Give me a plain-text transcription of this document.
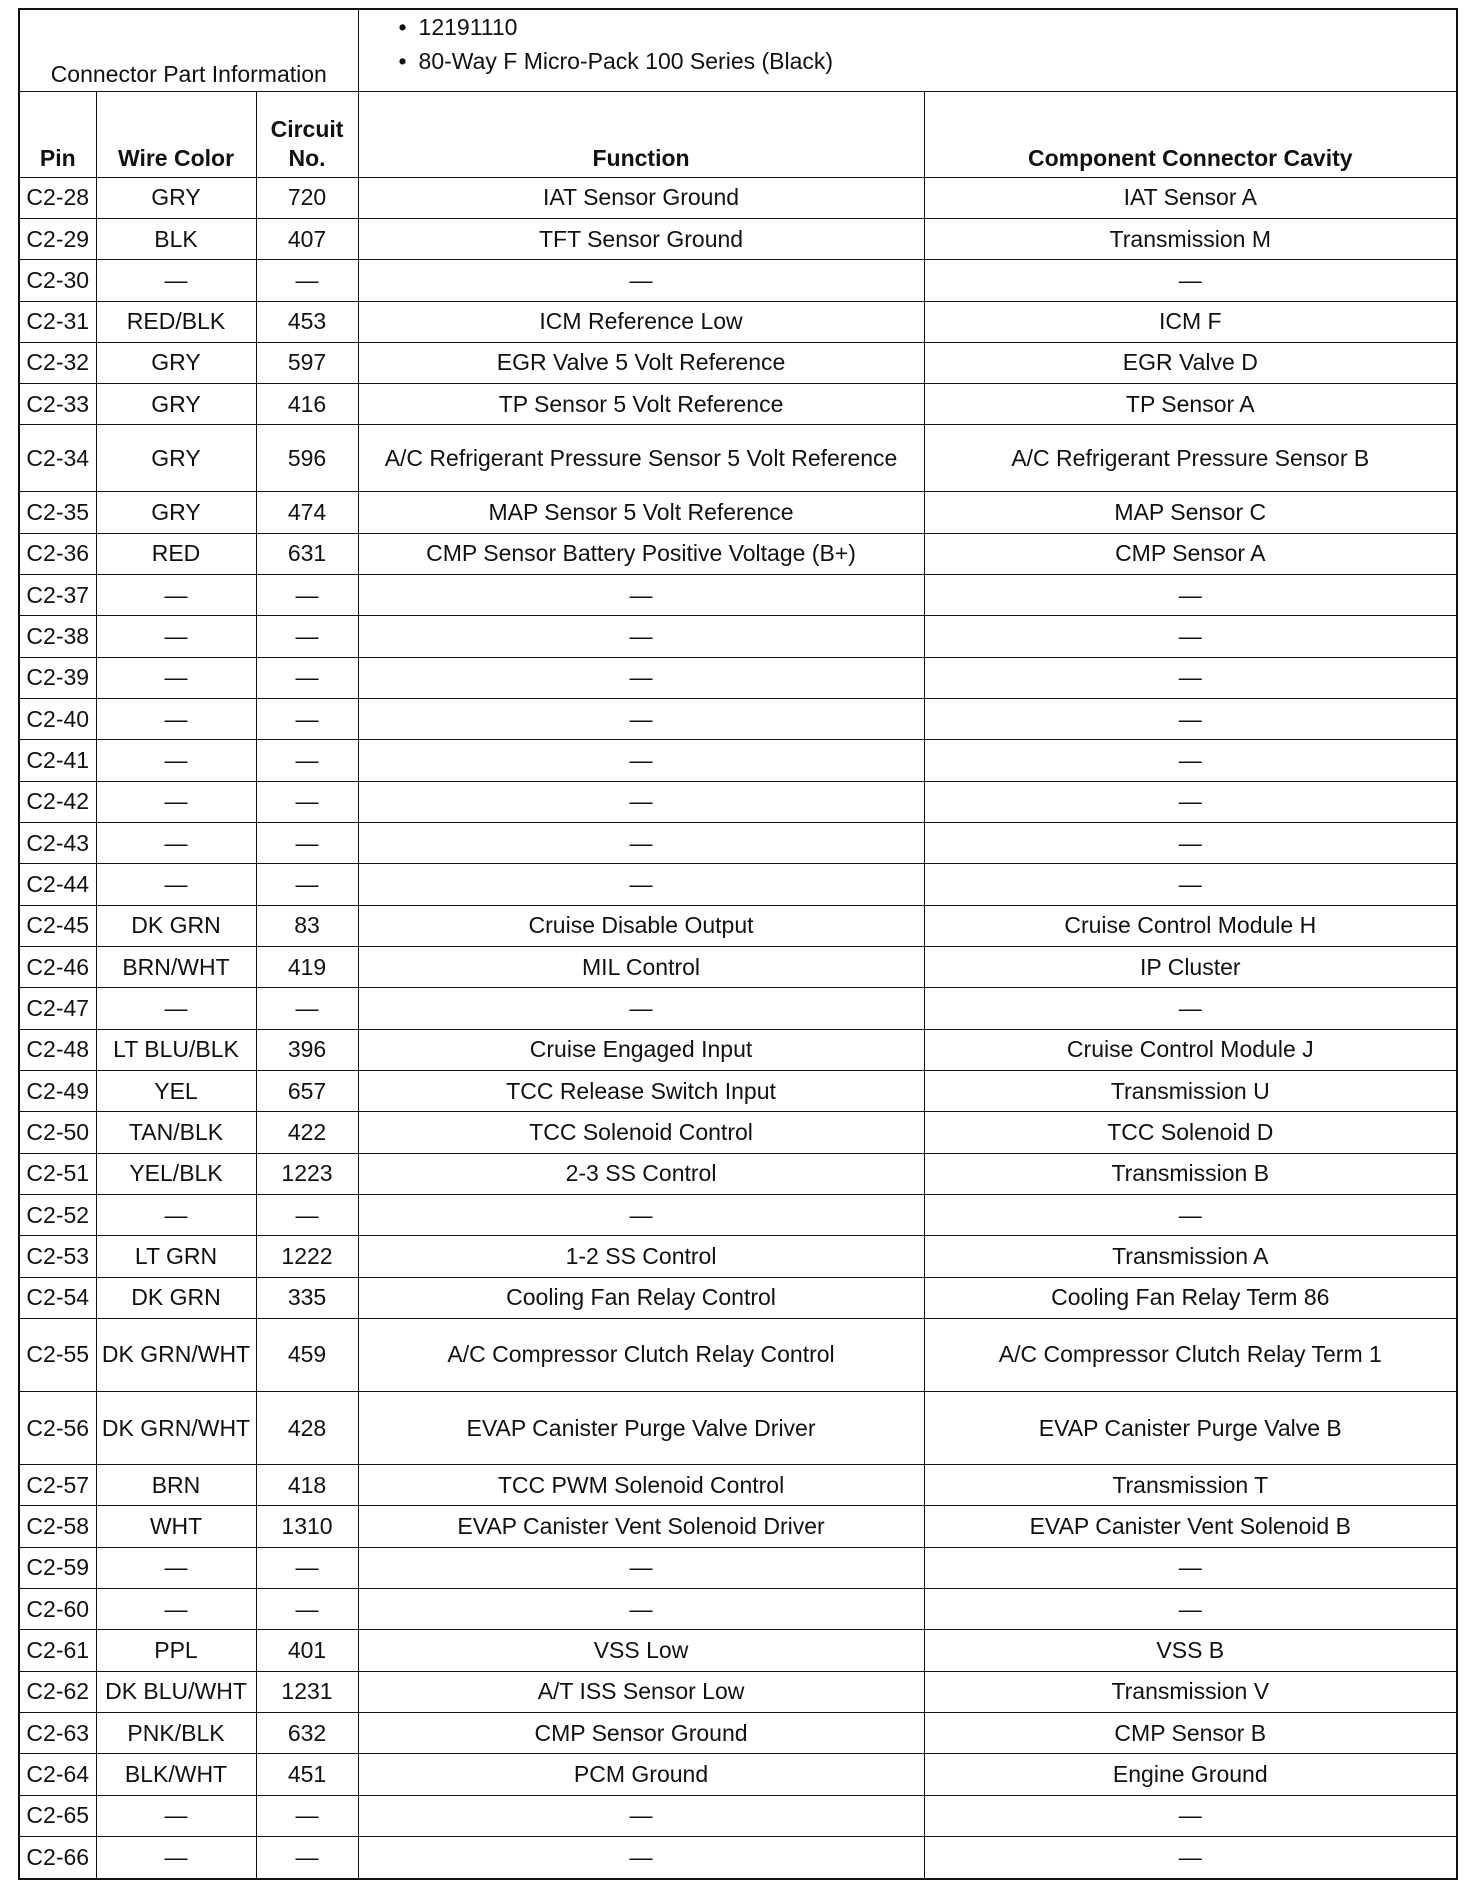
Connector Part Information			• 12191110
• 80-Way F Micro-Pack 100 Series (Black)	

Pin	Wire Color	Circuit No.	Function	Component Connector Cavity
C2-28	GRY	720	IAT Sensor Ground	IAT Sensor A
C2-29	BLK	407	TFT Sensor Ground	Transmission M
C2-30	—	—	—	—
C2-31	RED/BLK	453	ICM Reference Low	ICM F
C2-32	GRY	597	EGR Valve 5 Volt Reference	EGR Valve D
C2-33	GRY	416	TP Sensor 5 Volt Reference	TP Sensor A
C2-34	GRY	596	A/C Refrigerant Pressure Sensor 5 Volt Reference	A/C Refrigerant Pressure Sensor B
C2-35	GRY	474	MAP Sensor 5 Volt Reference	MAP Sensor C
C2-36	RED	631	CMP Sensor Battery Positive Voltage (B+)	CMP Sensor A
C2-37	—	—	—	—
C2-38	—	—	—	—
C2-39	—	—	—	—
C2-40	—	—	—	—
C2-41	—	—	—	—
C2-42	—	—	—	—
C2-43	—	—	—	—
C2-44	—	—	—	—
C2-45	DK GRN	83	Cruise Disable Output	Cruise Control Module H
C2-46	BRN/WHT	419	MIL Control	IP Cluster
C2-47	—	—	—	—
C2-48	LT BLU/BLK	396	Cruise Engaged Input	Cruise Control Module J
C2-49	YEL	657	TCC Release Switch Input	Transmission U
C2-50	TAN/BLK	422	TCC Solenoid Control	TCC Solenoid D
C2-51	YEL/BLK	1223	2-3 SS Control	Transmission B
C2-52	—	—	—	—
C2-53	LT GRN	1222	1-2 SS Control	Transmission A
C2-54	DK GRN	335	Cooling Fan Relay Control	Cooling Fan Relay Term 86
C2-55	DK GRN/WHT	459	A/C Compressor Clutch Relay Control	A/C Compressor Clutch Relay Term 1
C2-56	DK GRN/WHT	428	EVAP Canister Purge Valve Driver	EVAP Canister Purge Valve B
C2-57	BRN	418	TCC PWM Solenoid Control	Transmission T
C2-58	WHT	1310	EVAP Canister Vent Solenoid Driver	EVAP Canister Vent Solenoid B
C2-59	—	—	—	—
C2-60	—	—	—	—
C2-61	PPL	401	VSS Low	VSS B
C2-62	DK BLU/WHT	1231	A/T ISS Sensor Low	Transmission V
C2-63	PNK/BLK	632	CMP Sensor Ground	CMP Sensor B
C2-64	BLK/WHT	451	PCM Ground	Engine Ground
C2-65	—	—	—	—
C2-66	—	—	—	—
